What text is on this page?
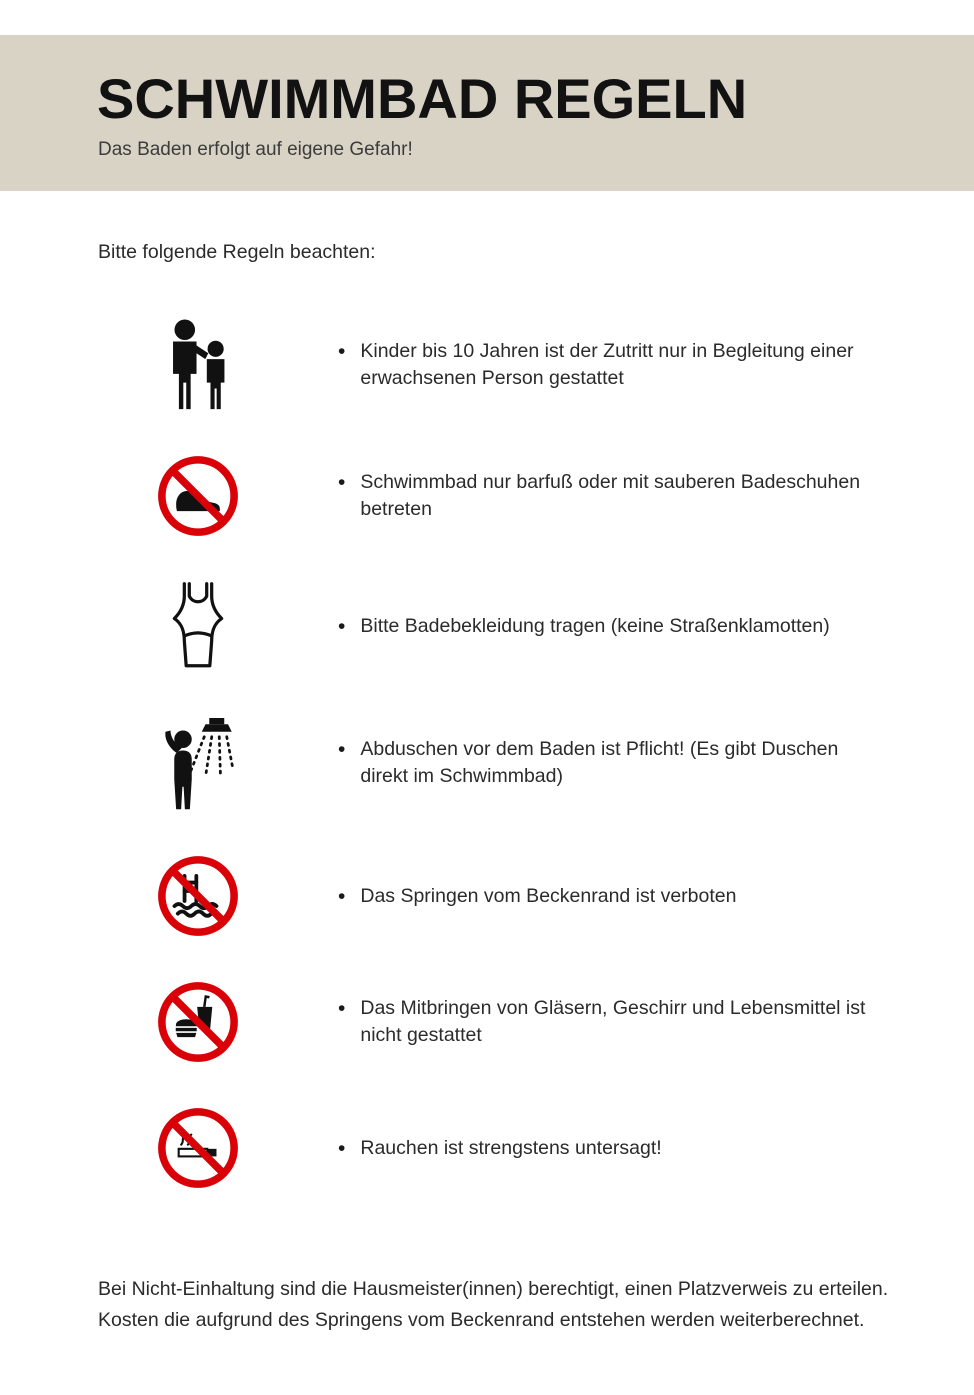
SCHWIMMBAD REGELN

Das Baden erfolgt auf eigene Gefahr!

Bitte folgende Regeln beachten:

•

Kinder bis 10 Jahren ist der Zutritt nur in Begleitung einer erwachsenen Person gestattet

•

Schwimmbad nur barfuß oder mit sauberen Badeschuhen betreten

•

Bitte Badebekleidung tragen (keine Straßenklamotten)

•

Abduschen vor dem Baden ist Pflicht! (Es gibt Duschen direkt im Schwimmbad)

•

Das Springen vom Beckenrand ist verboten

•

Das Mitbringen von Gläsern, Geschirr und Lebensmittel ist nicht gestattet

•

Rauchen ist strengstens untersagt!

Bei Nicht-Einhaltung sind die Hausmeister(innen) berechtigt, einen Platzverweis zu erteilen. Kosten die aufgrund des Springens vom Beckenrand entstehen werden weiterberechnet.
